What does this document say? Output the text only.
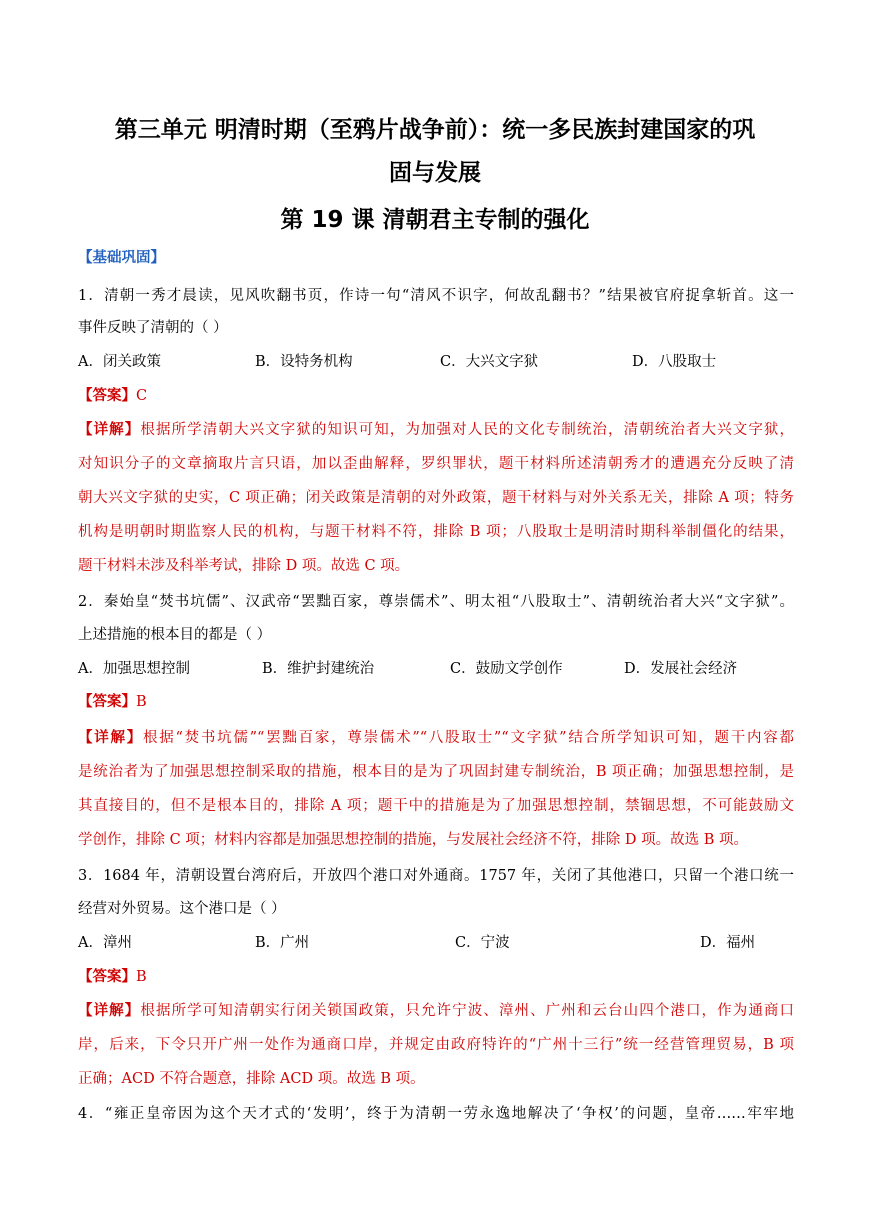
第三单元 明清时期（至鸦片战争前）：统一多民族封建国家的巩
固与发展
第 19 课 清朝君主专制的强化
【基础巩固】
1．清朝一秀才晨读，见风吹翻书页，作诗一句“清风不识字，何故乱翻书？”结果被官府捉拿斩首。这一
事件反映了清朝的（ ）
A．闭关政策	B．设特务机构	C．大兴文字狱	D．八股取士
【答案】C
【详解】根据所学清朝大兴文字狱的知识可知，为加强对人民的文化专制统治，清朝统治者大兴文字狱，
对知识分子的文章摘取片言只语，加以歪曲解释，罗织罪状，题干材料所述清朝秀才的遭遇充分反映了清
朝大兴文字狱的史实，C 项正确；闭关政策是清朝的对外政策，题干材料与对外关系无关，排除 A 项；特务
机构是明朝时期监察人民的机构，与题干材料不符，排除 B 项；八股取士是明清时期科举制僵化的结果，
题干材料未涉及科举考试，排除 D 项。故选 C 项。
2．秦始皇“焚书坑儒”、汉武帝“罢黜百家，尊崇儒术”、明太祖“八股取士”、清朝统治者大兴“文字狱”。
上述措施的根本目的都是（ ）
A．加强思想控制	B．维护封建统治	C．鼓励文学创作	D．发展社会经济
【答案】B
【详解】根据“焚书坑儒”“罢黜百家，尊崇儒术”“八股取士”“文字狱”结合所学知识可知，题干内容都
是统治者为了加强思想控制采取的措施，根本目的是为了巩固封建专制统治，B 项正确；加强思想控制，是
其直接目的，但不是根本目的，排除 A 项；题干中的措施是为了加强思想控制，禁锢思想，不可能鼓励文
学创作，排除 C 项；材料内容都是加强思想控制的措施，与发展社会经济不符，排除 D 项。故选 B 项。
3．1684 年，清朝设置台湾府后，开放四个港口对外通商。1757 年，关闭了其他港口，只留一个港口统一
经营对外贸易。这个港口是（ ）
A．漳州	B．广州	C．宁波	D．福州
【答案】B
【详解】根据所学可知清朝实行闭关锁国政策，只允许宁波、漳州、广州和云台山四个港口，作为通商口
岸，后来，下令只开广州一处作为通商口岸，并规定由政府特许的“广州十三行”统一经营管理贸易，B 项
正确；ACD 不符合题意，排除 ACD 项。故选 B 项。
4．“雍正皇帝因为这个天才式的‘发明’，终于为清朝一劳永逸地解决了‘争权’的问题，皇帝……牢牢地
